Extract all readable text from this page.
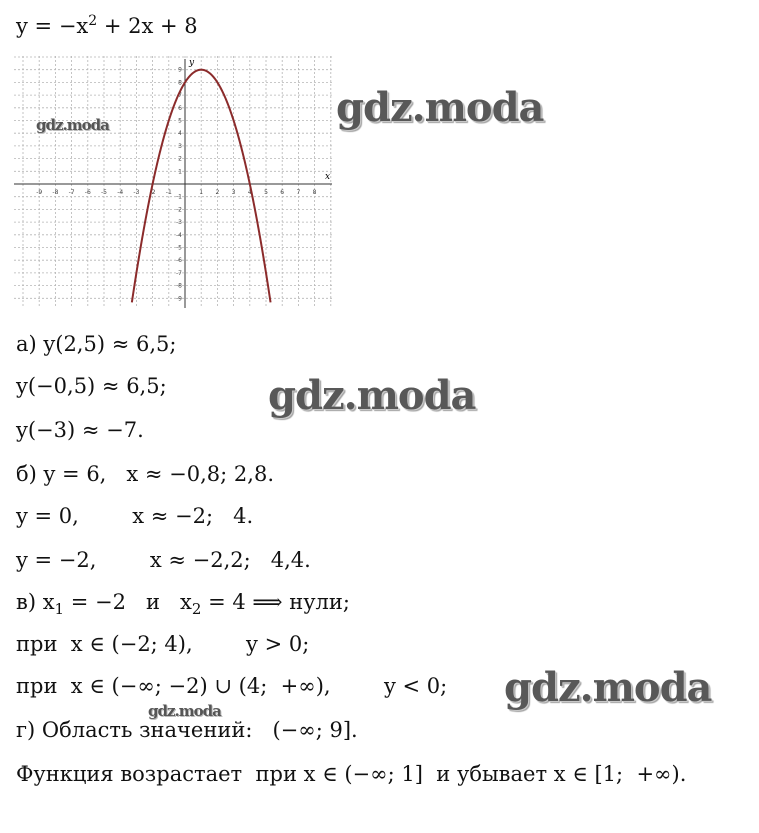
$y = -x^2 + 2x + 8$

-9 -8 -7 -6 -5 -4 -3 -2 -1	1 2 3 4 5 6 7 8
9
8
7
6
5
4
3
2
1
-1
-2
-3
-4
-5
-6
-7
-8
-9
x
y
gdz.moda	gdz.moda

а) y(2,5) ≈ 6,5;

y(−0,5) ≈ 6,5;	gdz.moda

y(−3) ≈ −7.

б) y = 6,   x ≈ −0,8; 2,8.

y = 0,        x ≈ −2;   4.

y = −2,        x ≈ −2,2;   4,4.

в) $x_1 = -2$   и   $x_2 = 4$ ⟹ нули;

при  x ∈ (−2; 4),        y > 0;

при  x ∈ (−∞; −2) ∪ (4;  +∞),        y < 0; gdz.moda
gdz.moda

г) Область значений:   (−∞; 9].

Функция возрастает  при x ∈ (−∞; 1]  и убывает x ∈ [1;  +∞).
